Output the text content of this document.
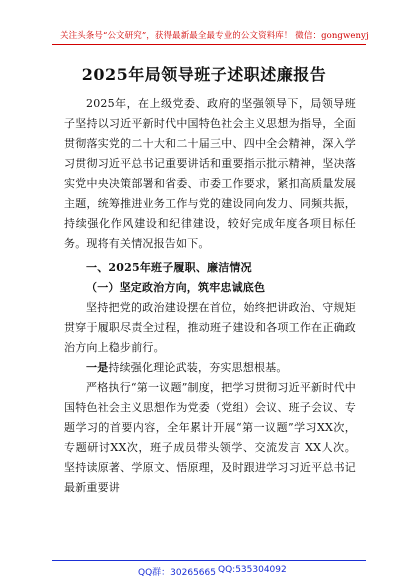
关注头条号“公文研究”，获得最新最全最专业的公文资料库！ 微信：gongwenyj
2025年局领导班子述职述廉报告

2025年，在上级党委、政府的坚强领导下，局领导班子坚持以习近平新时代中国特色社会主义思想为指导，全面贯彻落实党的二十大和二十届三中、四中全会精神，深入学习贯彻习近平总书记重要讲话和重要指示批示精神，坚决落实党中央决策部署和省委、市委工作要求，紧扣高质量发展主题，统筹推进业务工作与党的建设同向发力、同频共振，持续强化作风建设和纪律建设，较好完成年度各项目标任务。现将有关情况报告如下。

一、2025年班子履职、廉洁情况

（一）坚定政治方向，筑牢忠诚底色

坚持把党的政治建设摆在首位，始终把讲政治、守规矩贯穿于履职尽责全过程，推动班子建设和各项工作在正确政治方向上稳步前行。

一是持续强化理论武装，夯实思想根基。

严格执行“第一议题”制度，把学习贯彻习近平新时代中国特色社会主义思想作为党委（党组）会议、班子会议、专题学习的首要内容，全年累计开展“第一议题”学习XX次，专题研讨XX次，班子成员带头领学、交流发言 XX人次。坚持读原著、学原文、悟原理，及时跟进学习习近平总书记最新重要讲

QQ群：30265665 QQ:535304092
